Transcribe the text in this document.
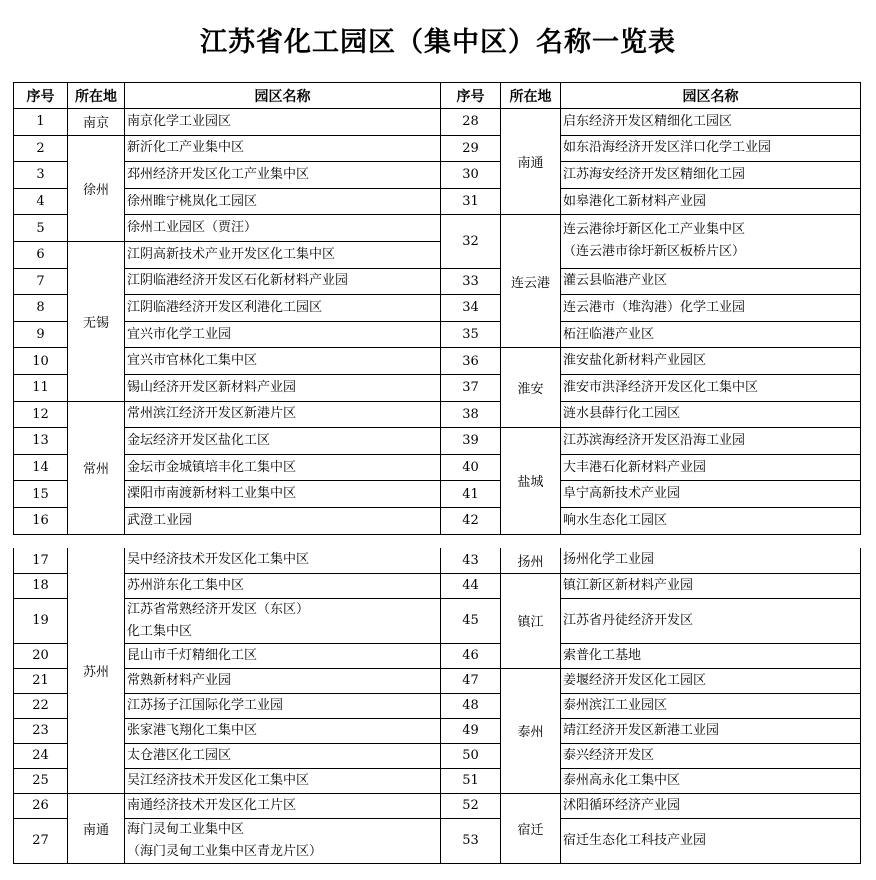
江苏省化工园区（集中区）名称一览表
序号	所在地	园区名称	序号	所在地	园区名称
1	南京	南京化学工业园区	28	南通	启东经济开发区精细化工园区
2	徐州	新沂化工产业集中区	29		如东沿海经济开发区洋口化学工业园
3		邳州经济开发区化工产业集中区	30		江苏海安经济开发区精细化工园
4		徐州睢宁桃岚化工园区	31		如皋港化工新材料产业园
5		徐州工业园区（贾汪）	32	连云港	连云港徐圩新区化工产业集中区
（连云港市徐圩新区板桥片区）
6	无锡	江阴高新技术产业开发区化工集中区			
7		江阴临港经济开发区石化新材料产业园	33		灌云县临港产业区
8		江阴临港经济开发区利港化工园区	34		连云港市（堆沟港）化学工业园
9		宜兴市化学工业园	35		柘汪临港产业区
10		宜兴市官林化工集中区	36	淮安	淮安盐化新材料产业园区
11		锡山经济开发区新材料产业园	37		淮安市洪泽经济开发区化工集中区
12	常州	常州滨江经济开发区新港片区	38		涟水县薛行化工园区
13		金坛经济开发区盐化工区	39	盐城	江苏滨海经济开发区沿海工业园
14		金坛市金城镇培丰化工集中区	40		大丰港石化新材料产业园
15		溧阳市南渡新材料工业集中区	41		阜宁高新技术产业园
16		武澄工业园	42		响水生态化工园区
17	苏州	吴中经济技术开发区化工集中区	43	扬州	扬州化学工业园
18		苏州浒东化工集中区	44	镇江	镇江新区新材料产业园
19		江苏省常熟经济开发区（东区）
化工集中区	45		江苏省丹徒经济开发区
20		昆山市千灯精细化工区	46		索普化工基地
21		常熟新材料产业园	47	泰州	姜堰经济开发区化工园区
22		江苏扬子江国际化学工业园	48		泰州滨江工业园区
23		张家港飞翔化工集中区	49		靖江经济开发区新港工业园
24		太仓港区化工园区	50		泰兴经济开发区
25		吴江经济技术开发区化工集中区	51		泰州高永化工集中区
26	南通	南通经济技术开发区化工片区	52	宿迁	沭阳循环经济产业园
27		海门灵甸工业集中区
（海门灵甸工业集中区青龙片区）	53		宿迁生态化工科技产业园
